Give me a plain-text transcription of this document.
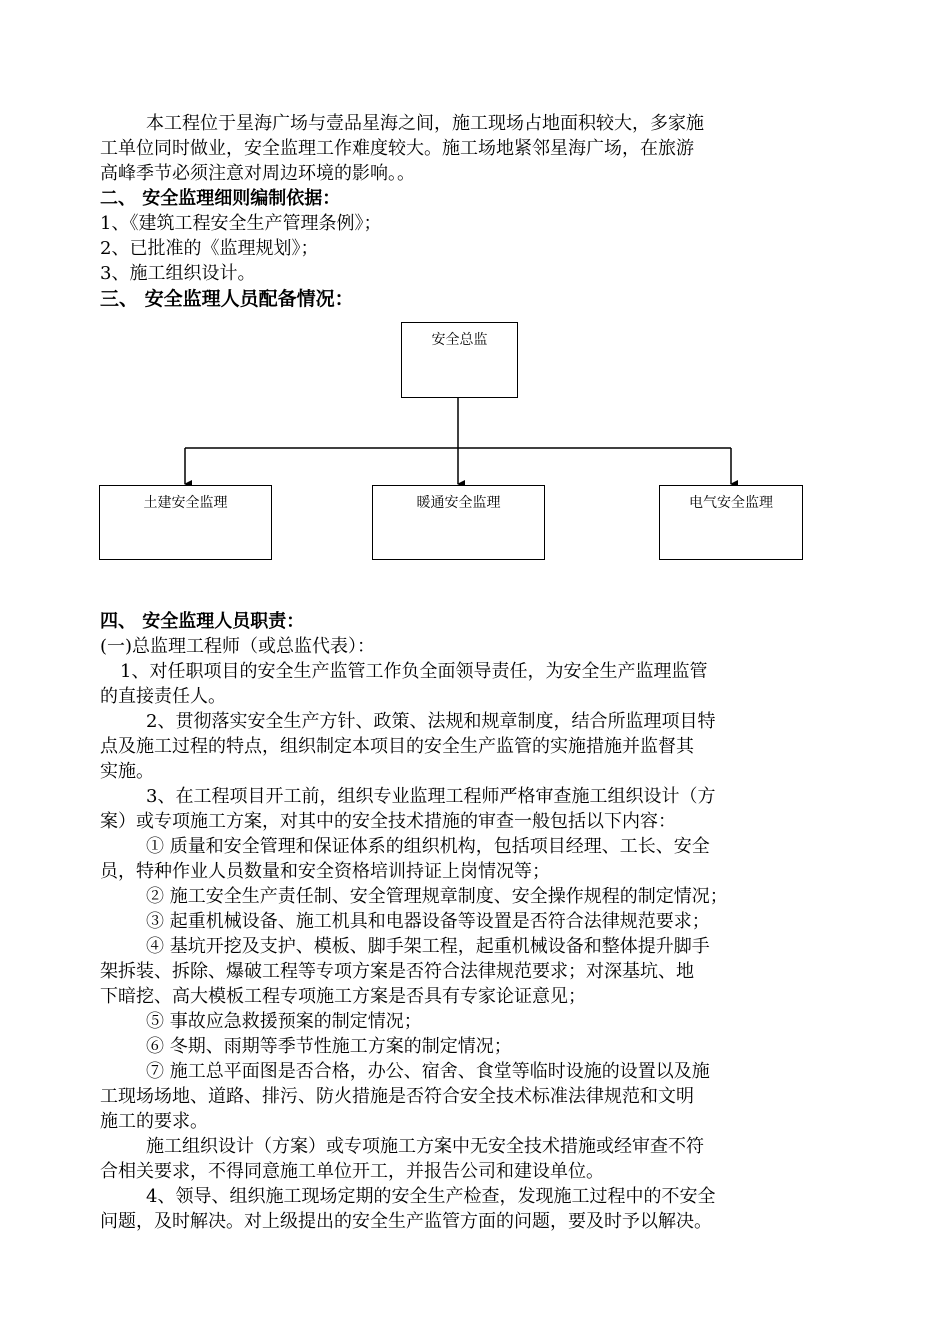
本工程位于星海广场与壹品星海之间，施工现场占地面积较大，多家施
工单位同时做业，安全监理工作难度较大。施工场地紧邻星海广场，在旅游
高峰季节必须注意对周边环境的影响。。
二、 安全监理细则编制依据：
1、《建筑工程安全生产管理条例》；
2、已批准的《监理规划》；
3、施工组织设计。
三、 安全监理人员配备情况：
安全总监
土建安全监理	暖通安全监理	电气安全监理
四、 安全监理人员职责：
(一)总监理工程师（或总监代表）：
1、对任职项目的安全生产监管工作负全面领导责任，为安全生产监理监管
的直接责任人。
2、贯彻落实安全生产方针、政策、法规和规章制度，结合所监理项目特
点及施工过程的特点，组织制定本项目的安全生产监管的实施措施并监督其
实施。
3、在工程项目开工前，组织专业监理工程师严格审查施工组织设计（方
案）或专项施工方案，对其中的安全技术措施的审查一般包括以下内容：
① 质量和安全管理和保证体系的组织机构，包括项目经理、工长、安全
员，特种作业人员数量和安全资格培训持证上岗情况等；
② 施工安全生产责任制、安全管理规章制度、安全操作规程的制定情况；
③ 起重机械设备、施工机具和电器设备等设置是否符合法律规范要求；
④ 基坑开挖及支护、模板、脚手架工程，起重机械设备和整体提升脚手
架拆装、拆除、爆破工程等专项方案是否符合法律规范要求；对深基坑、地
下暗挖、高大模板工程专项施工方案是否具有专家论证意见；
⑤ 事故应急救援预案的制定情况；
⑥ 冬期、雨期等季节性施工方案的制定情况；
⑦ 施工总平面图是否合格，办公、宿舍、食堂等临时设施的设置以及施
工现场场地、道路、排污、防火措施是否符合安全技术标准法律规范和文明
施工的要求。
施工组织设计（方案）或专项施工方案中无安全技术措施或经审查不符
合相关要求，不得同意施工单位开工，并报告公司和建设单位。
4、领导、组织施工现场定期的安全生产检查，发现施工过程中的不安全
问题，及时解决。对上级提出的安全生产监管方面的问题，要及时予以解决。
